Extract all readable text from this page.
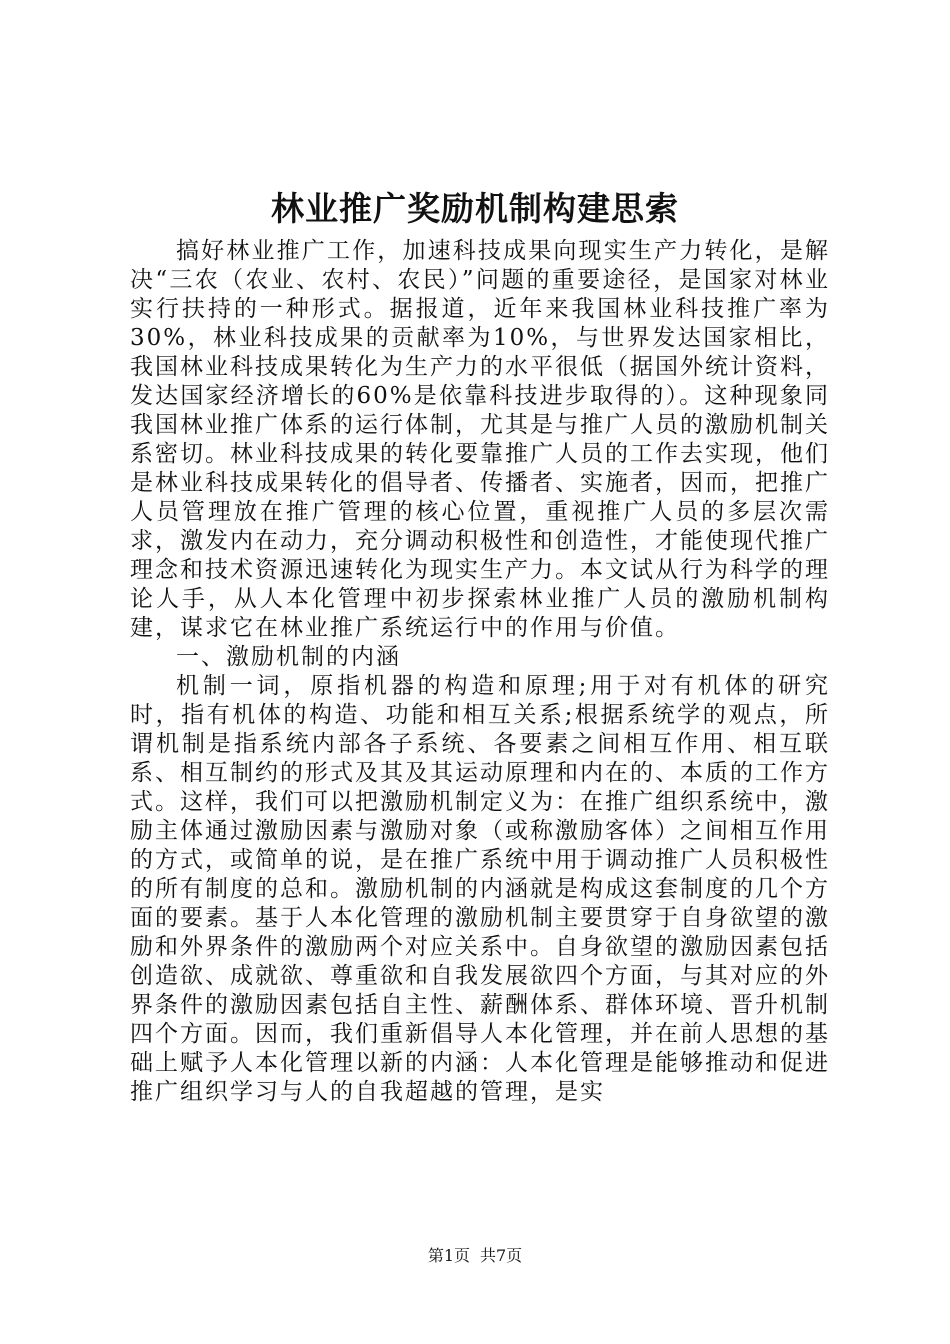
林业推广奖励机制构建思索

搞好林业推广工作，加速科技成果向现实生产力转化，是解决“三农（农业、农村、农民）”问题的重要途径，是国家对林业实行扶持的一种形式。据报道，近年来我国林业科技推广率为30%，林业科技成果的贡献率为10%，与世界发达国家相比，我国林业科技成果转化为生产力的水平很低（据国外统计资料，发达国家经济增长的60%是依靠科技进步取得的）。这种现象同我国林业推广体系的运行体制，尤其是与推广人员的激励机制关系密切。林业科技成果的转化要靠推广人员的工作去实现，他们是林业科技成果转化的倡导者、传播者、实施者，因而，把推广人员管理放在推广管理的核心位置，重视推广人员的多层次需求，激发内在动力，充分调动积极性和创造性，才能使现代推广理念和技术资源迅速转化为现实生产力。本文试从行为科学的理论人手，从人本化管理中初步探索林业推广人员的激励机制构建，谋求它在林业推广系统运行中的作用与价值。

一、激励机制的内涵

机制一词，原指机器的构造和原理;用于对有机体的研究时，指有机体的构造、功能和相互关系;根据系统学的观点，所谓机制是指系统内部各子系统、各要素之间相互作用、相互联系、相互制约的形式及其及其运动原理和内在的、本质的工作方式。这样，我们可以把激励机制定义为：在推广组织系统中，激励主体通过激励因素与激励对象（或称激励客体）之间相互作用的方式，或简单的说，是在推广系统中用于调动推广人员积极性的所有制度的总和。激励机制的内涵就是构成这套制度的几个方面的要素。基于人本化管理的激励机制主要贯穿于自身欲望的激励和外界条件的激励两个对应关系中。自身欲望的激励因素包括创造欲、成就欲、尊重欲和自我发展欲四个方面，与其对应的外界条件的激励因素包括自主性、薪酬体系、群体环境、晋升机制四个方面。因而，我们重新倡导人本化管理，并在前人思想的基础上赋予人本化管理以新的内涵：人本化管理是能够推动和促进推广组织学习与人的自我超越的管理，是实

第1页 共7页
